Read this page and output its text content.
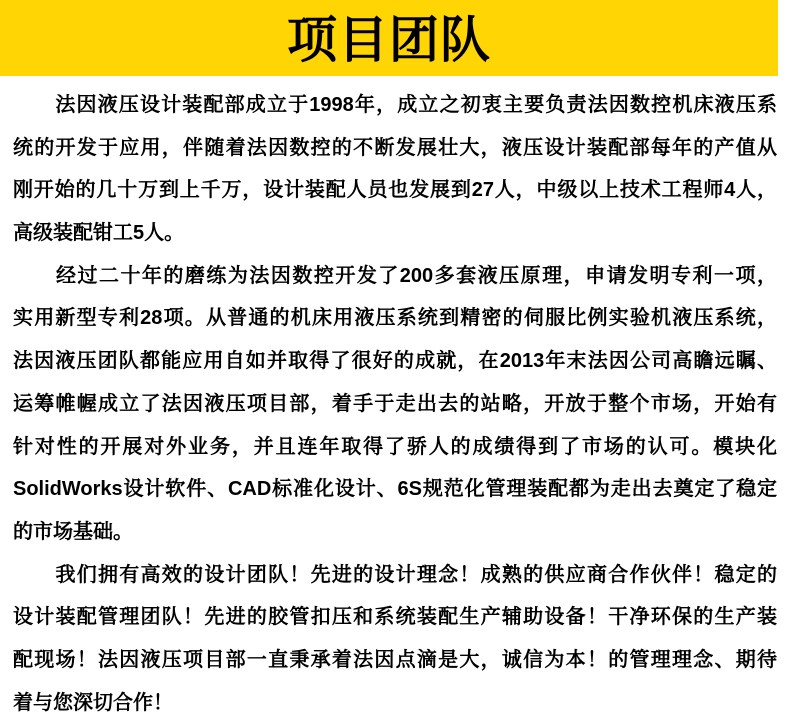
项目团队
　　法因液压设计装配部成立于1998年，成立之初衷主要负责法因数控机床液压系
统的开发于应用，伴随着法因数控的不断发展壮大，液压设计装配部每年的产值从
刚开始的几十万到上千万，设计装配人员也发展到27人，中级以上技术工程师4人，
高级装配钳工5人。
　　经过二十年的磨练为法因数控开发了200多套液压原理，申请发明专利一项，
实用新型专利28项。从普通的机床用液压系统到精密的伺服比例实验机液压系统，
法因液压团队都能应用自如并取得了很好的成就，在2013年末法因公司高瞻远瞩、
运筹帷幄成立了法因液压项目部，着手于走出去的站略，开放于整个市场，开始有
针对性的开展对外业务，并且连年取得了骄人的成绩得到了市场的认可。模块化
SolidWorks设计软件、CAD标准化设计、6S规范化管理装配都为走出去奠定了稳定
的市场基础。
　　我们拥有高效的设计团队！先进的设计理念！成熟的供应商合作伙伴！稳定的
设计装配管理团队！先进的胶管扣压和系统装配生产辅助设备！干净环保的生产装
配现场！法因液压项目部一直秉承着法因点滴是大，诚信为本！的管理理念、期待
着与您深切合作！
